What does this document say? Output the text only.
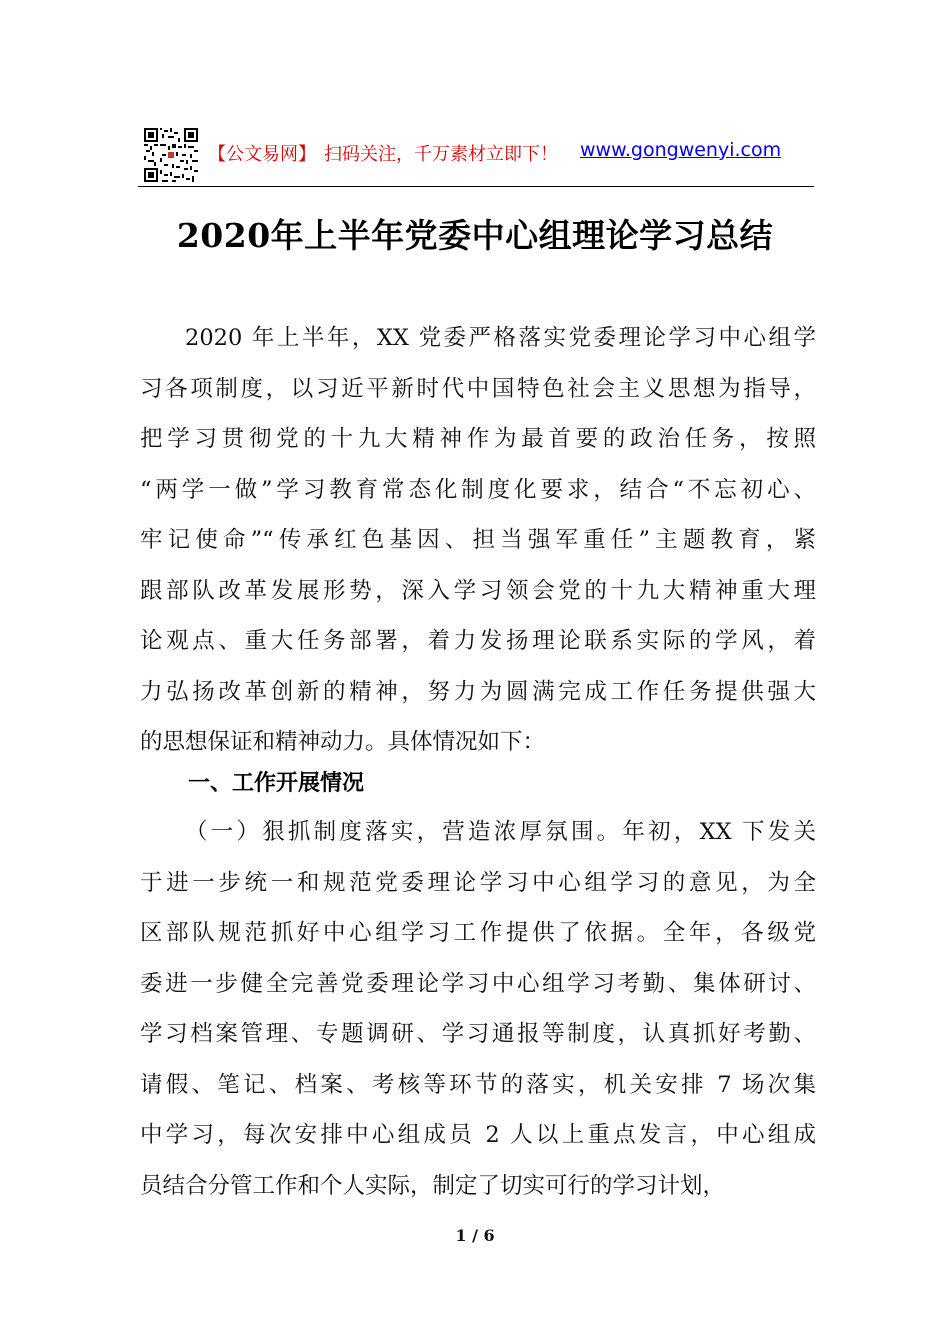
【公文易网】 扫码关注，千万素材立即下！ www.gongwenyi.com
2020年上半年党委中心组理论学习总结
2020 年上半年，XX 党委严格落实党委理论学习中心组学
习各项制度，以习近平新时代中国特色社会主义思想为指导，
把学习贯彻党的十九大精神作为最首要的政治任务，按照
“两学一做”学习教育常态化制度化要求，结合“不忘初心、
牢记使命”“传承红色基因、担当强军重任”主题教育，紧
跟部队改革发展形势，深入学习领会党的十九大精神重大理
论观点、重大任务部署，着力发扬理论联系实际的学风，着
力弘扬改革创新的精神，努力为圆满完成工作任务提供强大
的思想保证和精神动力。具体情况如下：
一、工作开展情况
（一）狠抓制度落实，营造浓厚氛围。年初，XX 下发关
于进一步统一和规范党委理论学习中心组学习的意见，为全
区部队规范抓好中心组学习工作提供了依据。全年，各级党
委进一步健全完善党委理论学习中心组学习考勤、集体研讨、
学习档案管理、专题调研、学习通报等制度，认真抓好考勤、
请假、笔记、档案、考核等环节的落实，机关安排 7 场次集
中学习，每次安排中心组成员 2 人以上重点发言，中心组成
员结合分管工作和个人实际，制定了切实可行的学习计划，
1 / 6
